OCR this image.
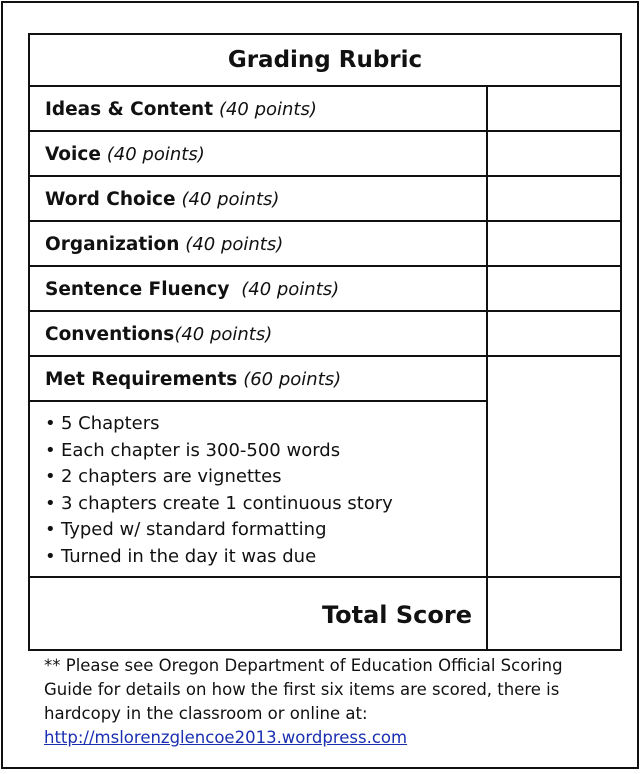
Grading Rubric
Ideas & Content
(40 points)
Voice
(40 points)
Word Choice
(40 points)
Organization
(40 points)
Sentence Fluency
(40 points)
Conventions (40 points)
Met Requirements
(60 points)
• 5 Chapters
• Each chapter is 300-500 words
• 2 chapters are vignettes
• 3 chapters create 1 continuous story
• Typed w/ standard formatting
• Turned in the day it was due
Total Score
** Please see Oregon Department of Education Official Scoring Guide for details on how the first six items are scored, there is hardcopy in the classroom or online at:
http://mslorenzglencoe2013.wordpress.com
